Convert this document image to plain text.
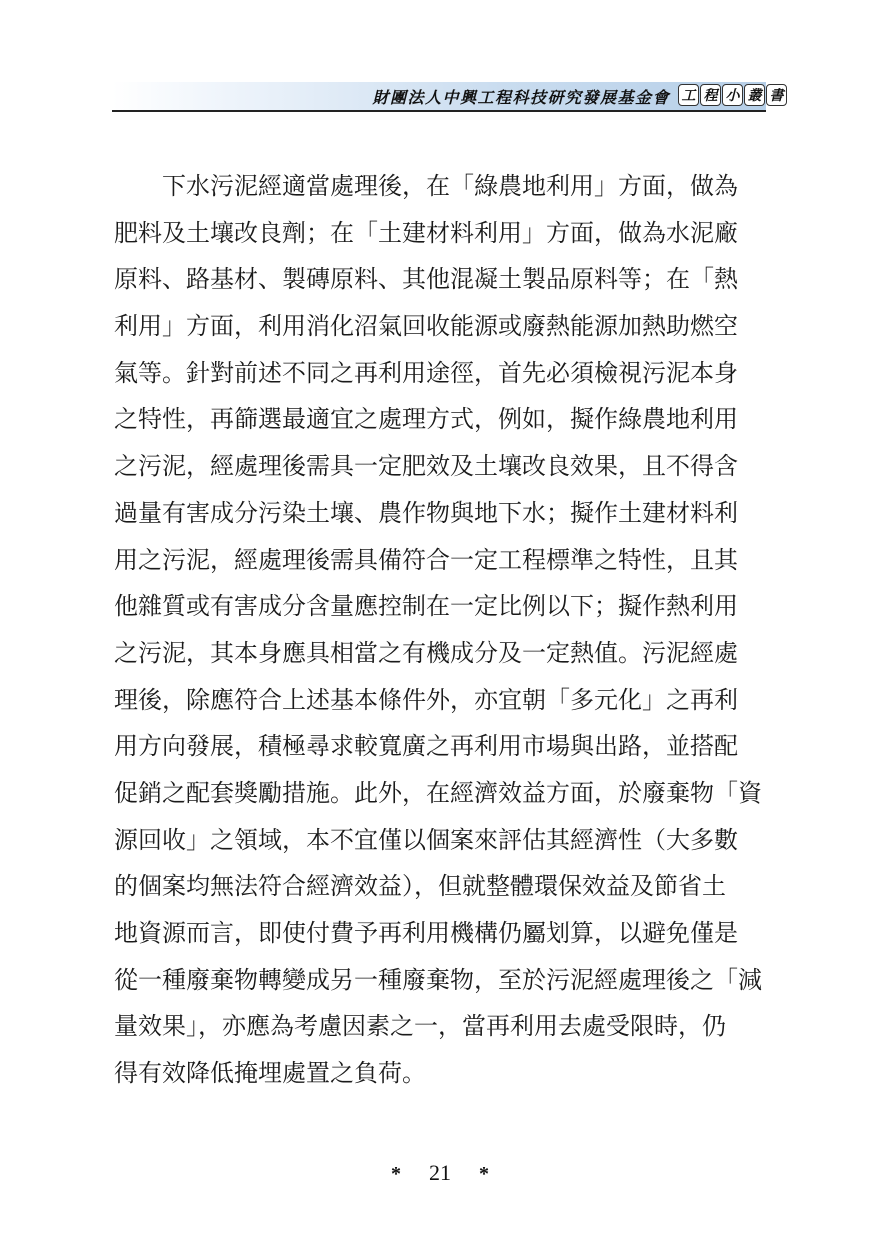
財團法人中興工程科技研究發展基金會 工 程 小 叢 書
下水污泥經適當處理後，在「綠農地利用」方面，做為
肥料及土壤改良劑；在「土建材料利用」方面，做為水泥廠
原料、路基材、製磚原料、其他混凝土製品原料等；在「熱
利用」方面，利用消化沼氣回收能源或廢熱能源加熱助燃空
氣等。針對前述不同之再利用途徑，首先必須檢視污泥本身
之特性，再篩選最適宜之處理方式，例如，擬作綠農地利用
之污泥，經處理後需具一定肥效及土壤改良效果，且不得含
過量有害成分污染土壤、農作物與地下水；擬作土建材料利
用之污泥，經處理後需具備符合一定工程標準之特性，且其
他雜質或有害成分含量應控制在一定比例以下；擬作熱利用
之污泥，其本身應具相當之有機成分及一定熱值。污泥經處
理後，除應符合上述基本條件外，亦宜朝「多元化」之再利
用方向發展，積極尋求較寬廣之再利用市場與出路，並搭配
促銷之配套獎勵措施。此外，在經濟效益方面，於廢棄物「資
源回收」之領域，本不宜僅以個案來評估其經濟性（大多數
的個案均無法符合經濟效益），但就整體環保效益及節省土
地資源而言，即使付費予再利用機構仍屬划算，以避免僅是
從一種廢棄物轉變成另一種廢棄物，至於污泥經處理後之「減
量效果」，亦應為考慮因素之一，當再利用去處受限時，仍
得有效降低掩埋處置之負荷。
* 21 *
